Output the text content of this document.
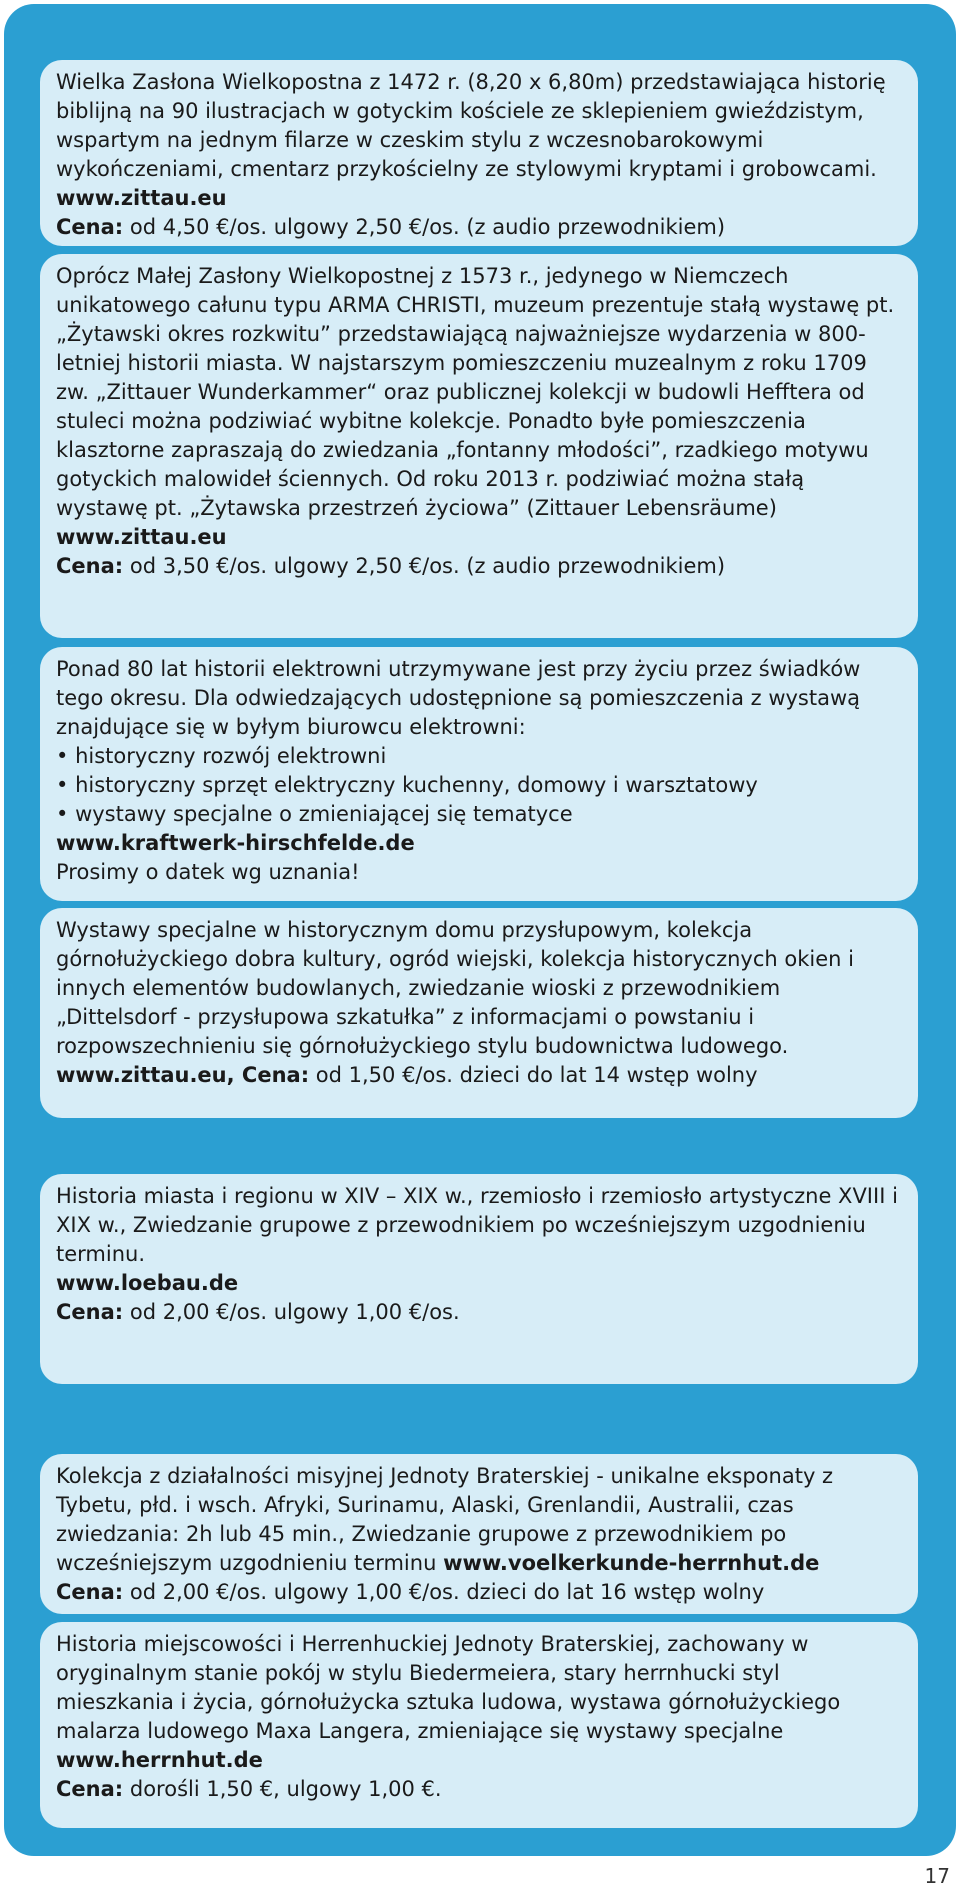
Wielka Zasłona Wielkopostna z 1472 r. (8,20 x 6,80m) przedstawiająca historię biblijną na 90 ilustracjach w gotyckim kościele ze sklepieniem gwieździstym, wspartym na jednym filarze w czeskim stylu z wczesnobarokowymi wykończeniami, cmentarz przykościelny ze stylowymi kryptami i grobowcami. www.zittau.eu

Cena: od 4,50 €/os. ulgowy 2,50 €/os. (z audio przewodnikiem)

Oprócz Małej Zasłony Wielkopostnej z 1573 r., jedynego w Niemczech unikatowego całunu typu ARMA CHRISTI, muzeum prezentuje stałą wystawę pt. „Żytawski okres rozkwitu” przedstawiającą najważniejsze wydarzenia w 800-letniej historii miasta. W najstarszym pomieszczeniu muzealnym z roku 1709 zw. „Zittauer Wunderkammer“ oraz publicznej kolekcji w budowli Hefftera od stuleci można podziwiać wybitne kolekcje. Ponadto byłe pomieszczenia klasztorne zapraszają do zwiedzania „fontanny młodości”, rzadkiego motywu gotyckich malowideł ściennych. Od roku 2013 r. podziwiać można stałą wystawę pt. „Żytawska przestrzeń życiowa” (Zittauer Lebensräume)

www.zittau.eu

Cena: od 3,50 €/os. ulgowy 2,50 €/os. (z audio przewodnikiem)

Ponad 80 lat historii elektrowni utrzymywane jest przy życiu przez świadków tego okresu. Dla odwiedzających udostępnione są pomieszczenia z wystawą znajdujące się w byłym biurowcu elektrowni:

• historyczny rozwój elektrowni

• historyczny sprzęt elektryczny kuchenny, domowy i warsztatowy

• wystawy specjalne o zmieniającej się tematyce

www.kraftwerk-hirschfelde.de

Prosimy o datek wg uznania!

Wystawy specjalne w historycznym domu przysłupowym, kolekcja górnołużyckiego dobra kultury, ogród wiejski, kolekcja historycznych okien i innych elementów budowlanych, zwiedzanie wioski z przewodnikiem „Dittelsdorf - przysłupowa szkatułka” z informacjami o powstaniu i rozpowszechnieniu się górnołużyckiego stylu budownictwa ludowego.

www.zittau.eu, Cena: od 1,50 €/os. dzieci do lat 14 wstęp wolny

Historia miasta i regionu w XIV – XIX w., rzemiosło i rzemiosło artystyczne XVIII i XIX w., Zwiedzanie grupowe z przewodnikiem po wcześniejszym uzgodnieniu terminu.

www.loebau.de

Cena: od 2,00 €/os. ulgowy 1,00 €/os.

Kolekcja z działalności misyjnej Jednoty Braterskiej - unikalne eksponaty z Tybetu, płd. i wsch. Afryki, Surinamu, Alaski, Grenlandii, Australii, czas zwiedzania: 2h lub 45 min., Zwiedzanie grupowe z przewodnikiem po wcześniejszym uzgodnieniu terminu www.voelkerkunde-herrnhut.de

Cena: od 2,00 €/os. ulgowy 1,00 €/os. dzieci do lat 16 wstęp wolny

Historia miejscowości i Herrenhuckiej Jednoty Braterskiej, zachowany w oryginalnym stanie pokój w stylu Biedermeiera, stary herrnhucki styl mieszkania i życia, górnołużycka sztuka ludowa, wystawa górnołużyckiego malarza ludowego Maxa Langera, zmieniające się wystawy specjalne www.herrnhut.de

Cena: dorośli 1,50 €, ulgowy 1,00 €.

17
